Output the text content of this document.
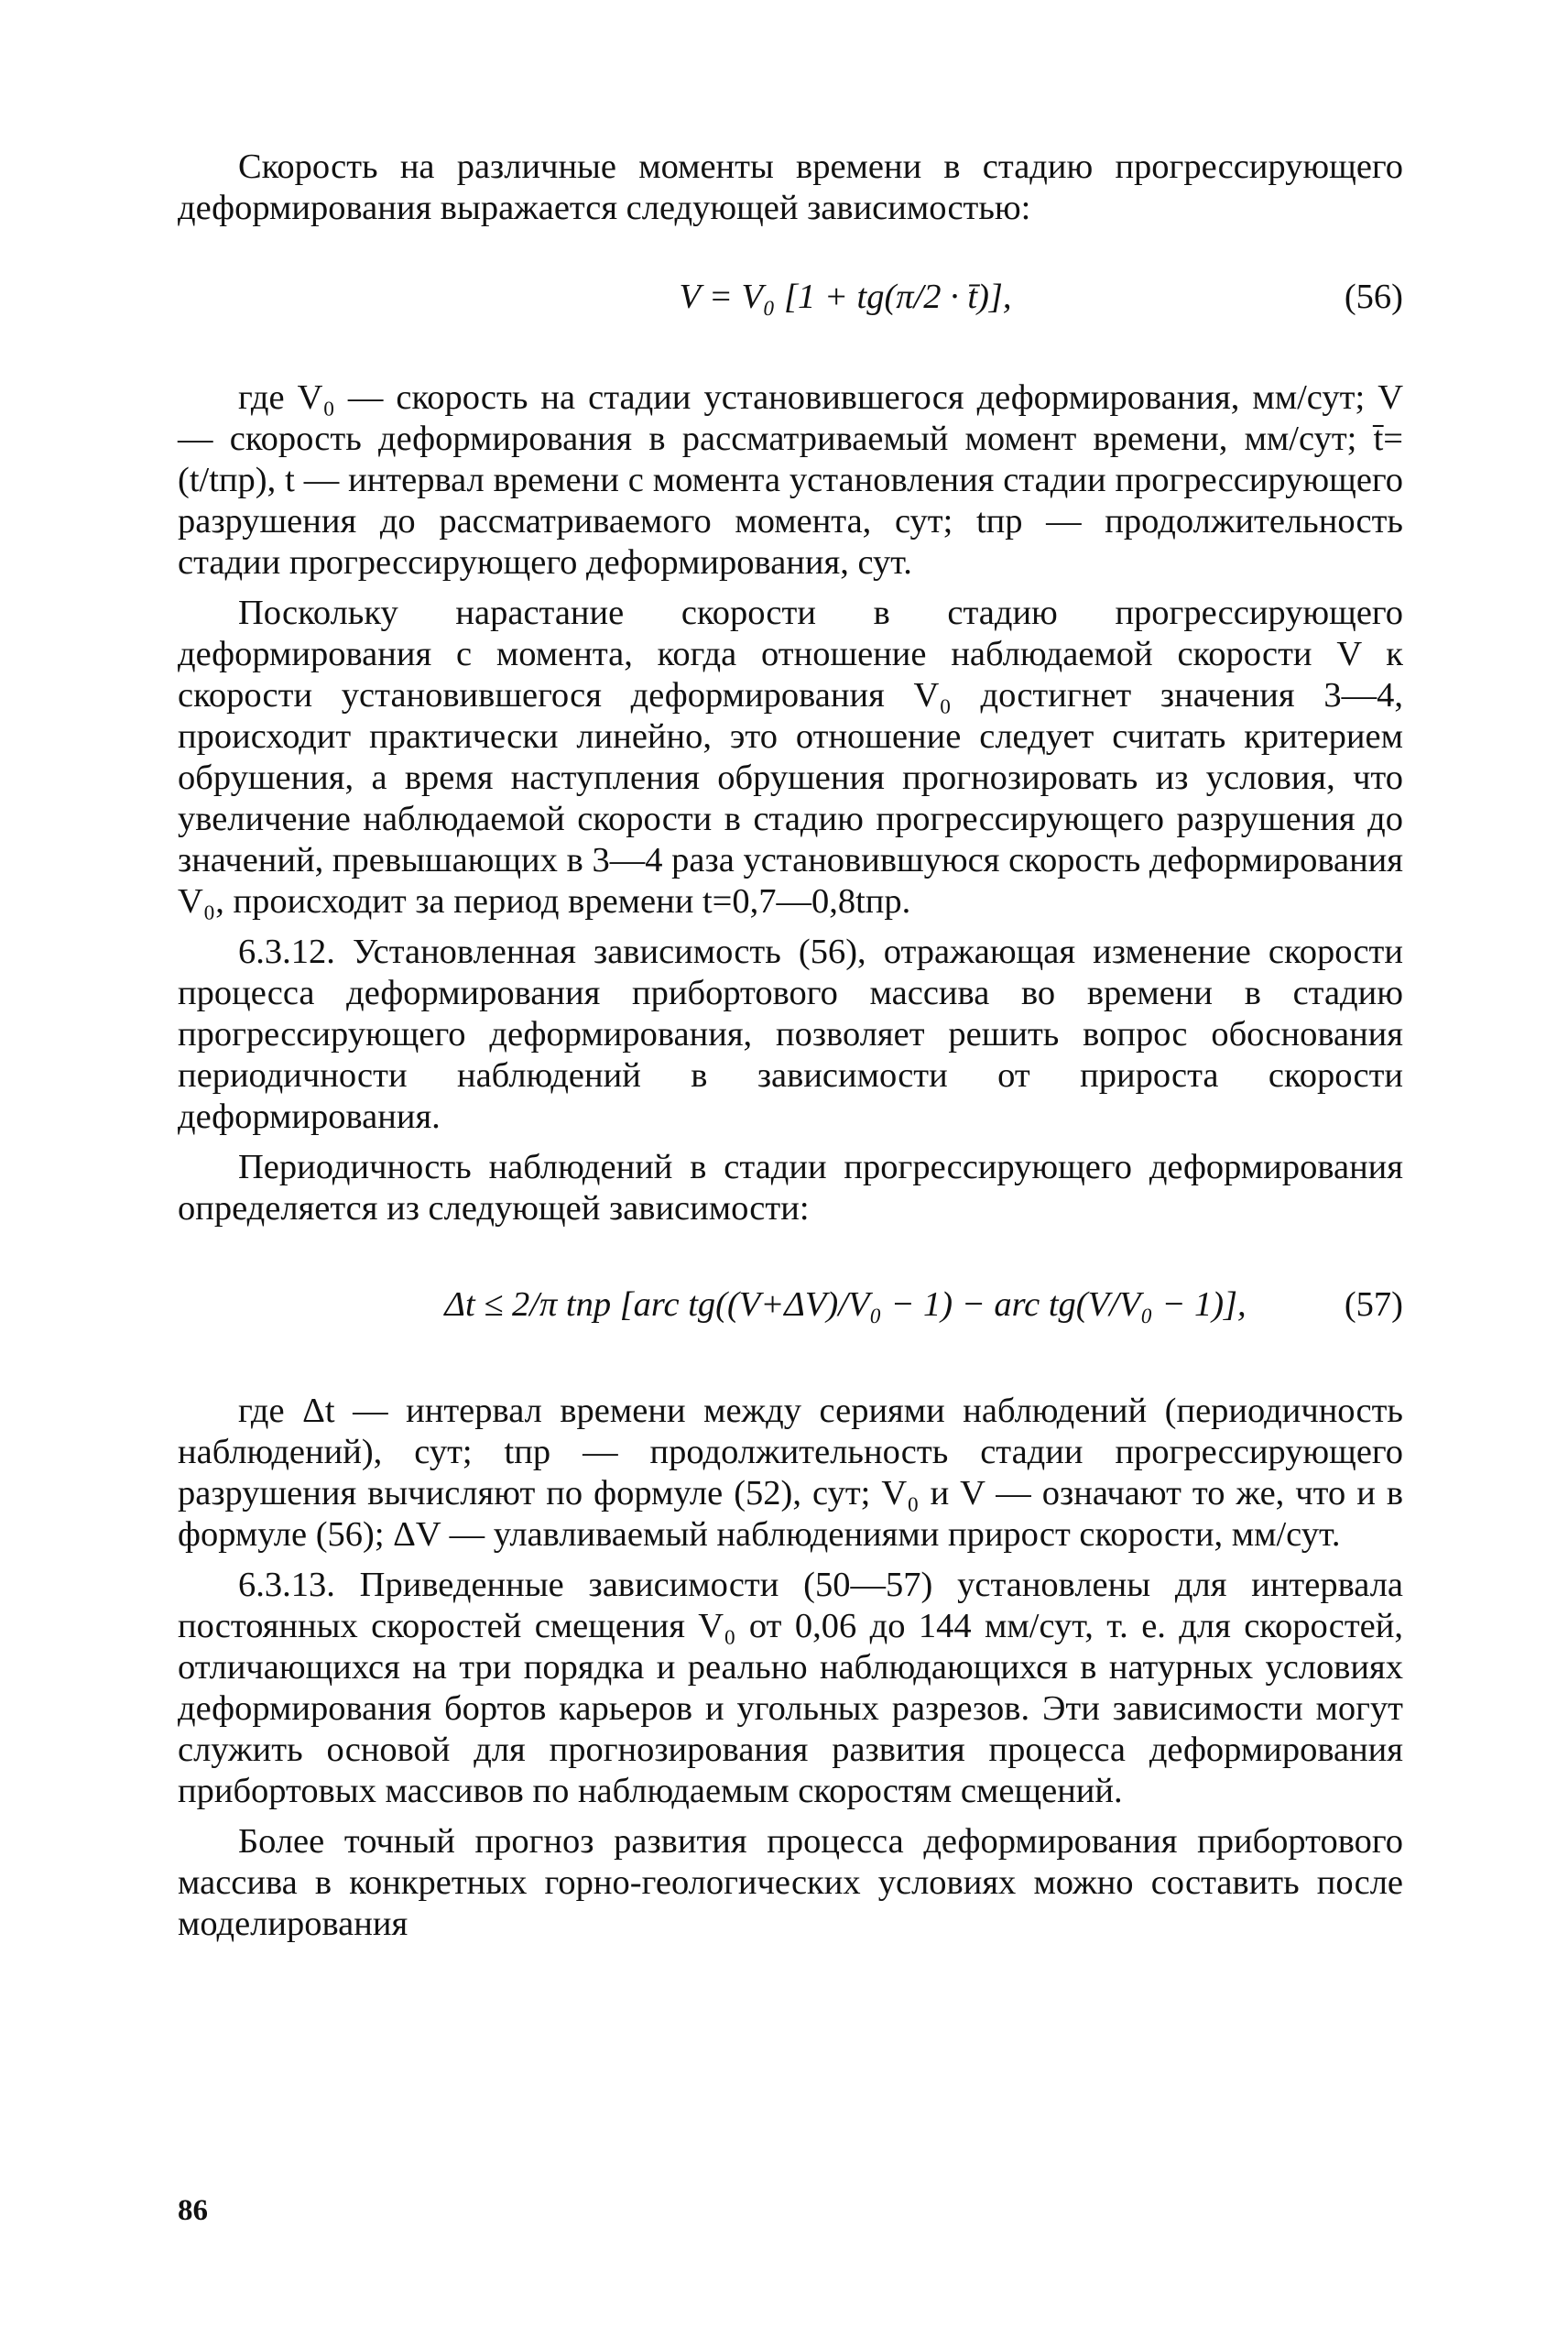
Скорость на различные моменты времени в стадию прогрессирующего деформирования выражается следующей зависимостью:

V = V₀ [1 + tg(π/2 · t̄)],	(56)

где V₀ — скорость на стадии установившегося деформирования, мм/сут; V — скорость деформирования в рассматриваемый момент времени, мм/сут; t̄=(t/tпр), t — интервал времени с момента установления стадии прогрессирующего разрушения до рассматриваемого момента, сут; tпр — продолжительность стадии прогрессирующего деформирования, сут.

Поскольку нарастание скорости в стадию прогрессирующего деформирования с момента, когда отношение наблюдаемой скорости V к скорости установившегося деформирования V₀ достигнет значения 3—4, происходит практически линейно, это отношение следует считать критерием обрушения, а время наступления обрушения прогнозировать из условия, что увеличение наблюдаемой скорости в стадию прогрессирующего разрушения до значений, превышающих в 3—4 раза установившуюся скорость деформирования V₀, происходит за период времени t=0,7—0,8tпр.

6.3.12. Установленная зависимость (56), отражающая изменение скорости процесса деформирования прибортового массива во времени в стадию прогрессирующего деформирования, позволяет решить вопрос обоснования периодичности наблюдений в зависимости от прироста скорости деформирования.

Периодичность наблюдений в стадии прогрессирующего деформирования определяется из следующей зависимости:

Δt ≤ 2/π tпр [arc tg((V+ΔV)/V₀ − 1) − arc tg(V/V₀ − 1)],	(57)

где Δt — интервал времени между сериями наблюдений (периодичность наблюдений), сут; tпр — продолжительность стадии прогрессирующего разрушения вычисляют по формуле (52), сут; V₀ и V — означают то же, что и в формуле (56); ΔV — улавливаемый наблюдениями прирост скорости, мм/сут.

6.3.13. Приведенные зависимости (50—57) установлены для интервала постоянных скоростей смещения V₀ от 0,06 до 144 мм/сут, т. е. для скоростей, отличающихся на три порядка и реально наблюдающихся в натурных условиях деформирования бортов карьеров и угольных разрезов. Эти зависимости могут служить основой для прогнозирования развития процесса деформирования прибортовых массивов по наблюдаемым скоростям смещений.

Более точный прогноз развития процесса деформирования прибортового массива в конкретных горно-геологических условиях можно составить после моделирования

86
